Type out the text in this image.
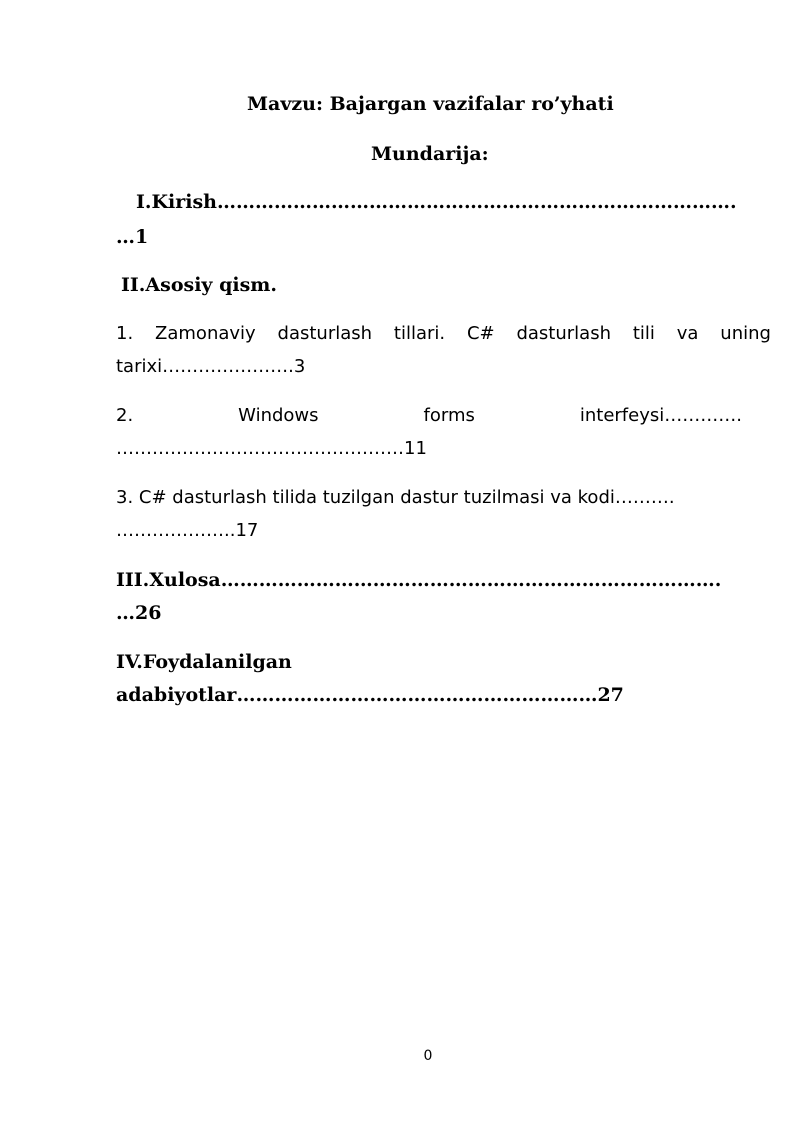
Mavzu: Bajargan vazifalar ro’yhati
Mundarija:
I.Kirish……………………………………………………………………….
…1
II.Asosiy qism.
1. Zamonaviy dasturlash tillari. C# dasturlash tili va uning
tarixi………………….3
2.	Windows	forms	interfeysi………….
…………………………………………11
3. C# dasturlash tilida tuzilgan dastur tuzilmasi va kodi……….
………………..17
III.Xulosa…………………………………………………………………….
…26
IV.Foydalanilgan
adabiyotlar…………………………………………………27
0
